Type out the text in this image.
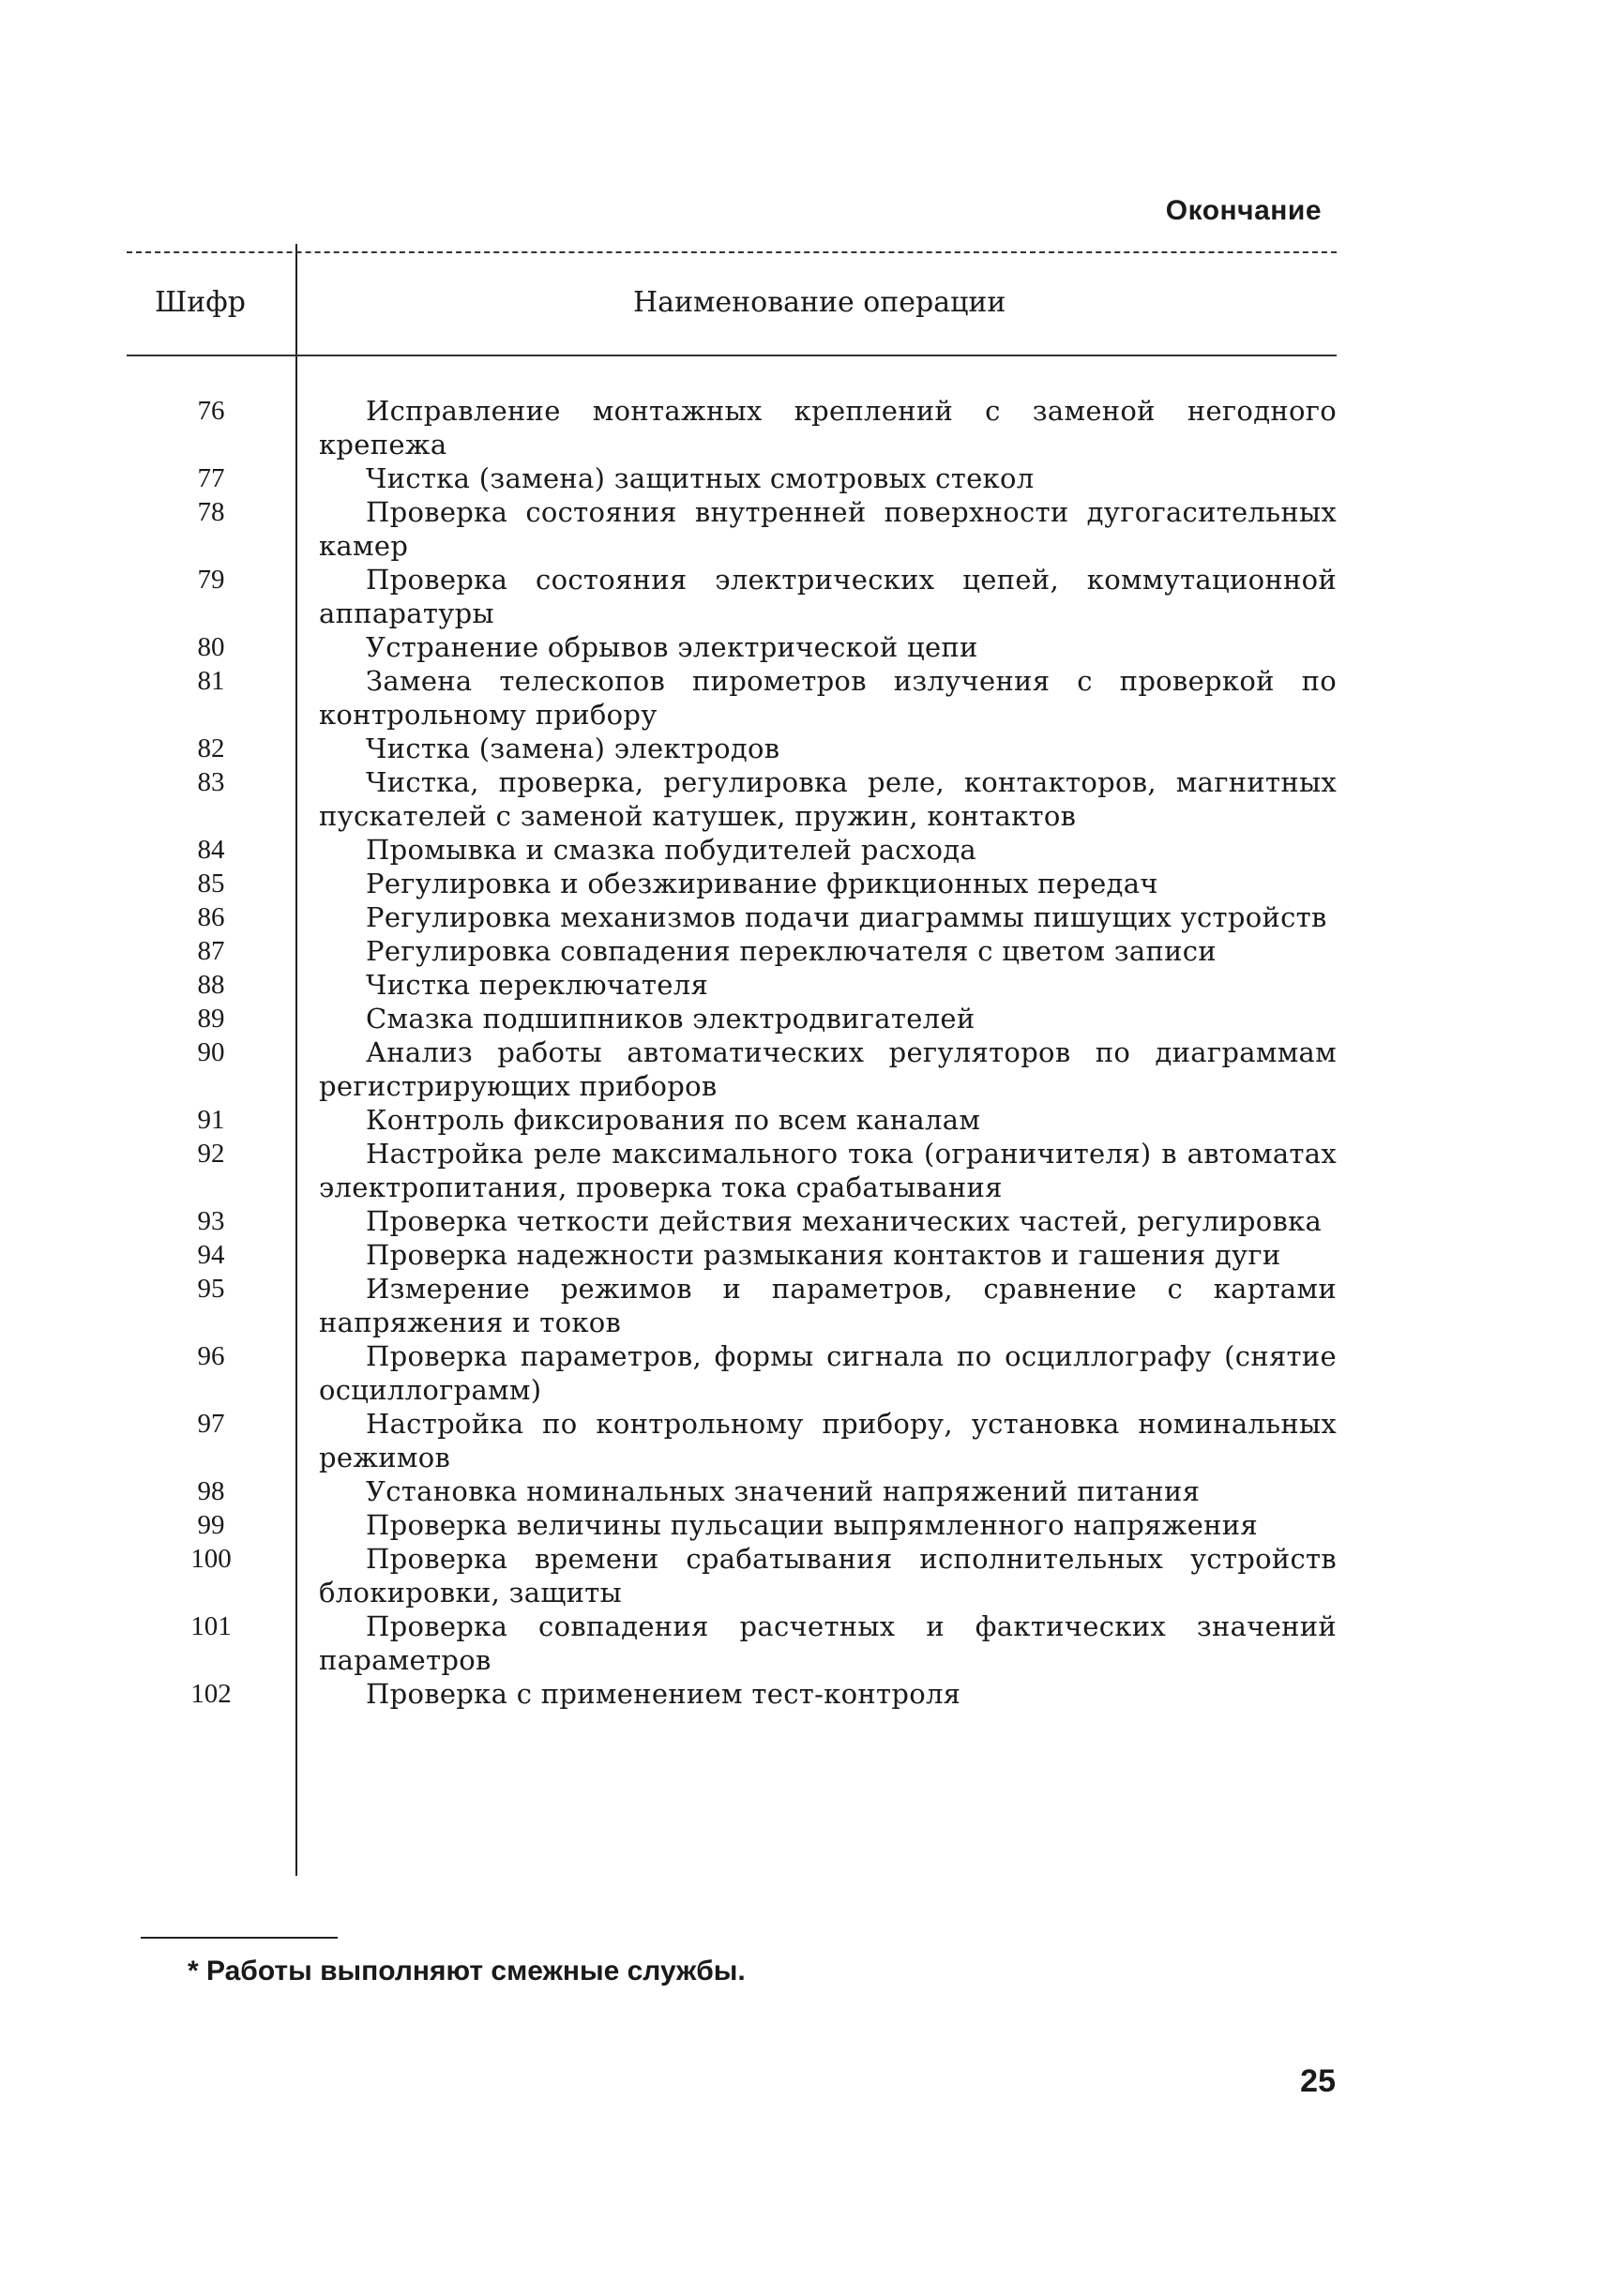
Окончание
Шифр	Наименование операции
76	Исправление монтажных креплений с заменой негодного крепежа
77	Чистка (замена) защитных смотровых стекол
78	Проверка состояния внутренней поверхности дугогасительных камер
79	Проверка состояния электрических цепей, коммутационной аппаратуры
80	Устранение обрывов электрической цепи
81	Замена телескопов пирометров излучения с проверкой по контрольному прибору
82	Чистка (замена) электродов
83	Чистка, проверка, регулировка реле, контакторов, магнитных пускателей с заменой катушек, пружин, контактов
84	Промывка и смазка побудителей расхода
85	Регулировка и обезжиривание фрикционных передач
86	Регулировка механизмов подачи диаграммы пишущих устройств
87	Регулировка совпадения переключателя с цветом записи
88	Чистка переключателя
89	Смазка подшипников электродвигателей
90	Анализ работы автоматических регуляторов по диаграммам регистрирующих приборов
91	Контроль фиксирования по всем каналам
92	Настройка реле максимального тока (ограничителя) в автоматах электропитания, проверка тока срабатывания
93	Проверка четкости действия механических частей, регулировка
94	Проверка надежности размыкания контактов и гашения дуги
95	Измерение режимов и параметров, сравнение с картами напряжения и токов
96	Проверка параметров, формы сигнала по осциллографу (снятие осциллограмм)
97	Настройка по контрольному прибору, установка номинальных режимов
98	Установка номинальных значений напряжений питания
99	Проверка величины пульсации выпрямленного напряжения
100	Проверка времени срабатывания исполнительных устройств блокировки, защиты
101	Проверка совпадения расчетных и фактических значений параметров
102	Проверка с применением тест-контроля
* Работы выполняют смежные службы.
25
